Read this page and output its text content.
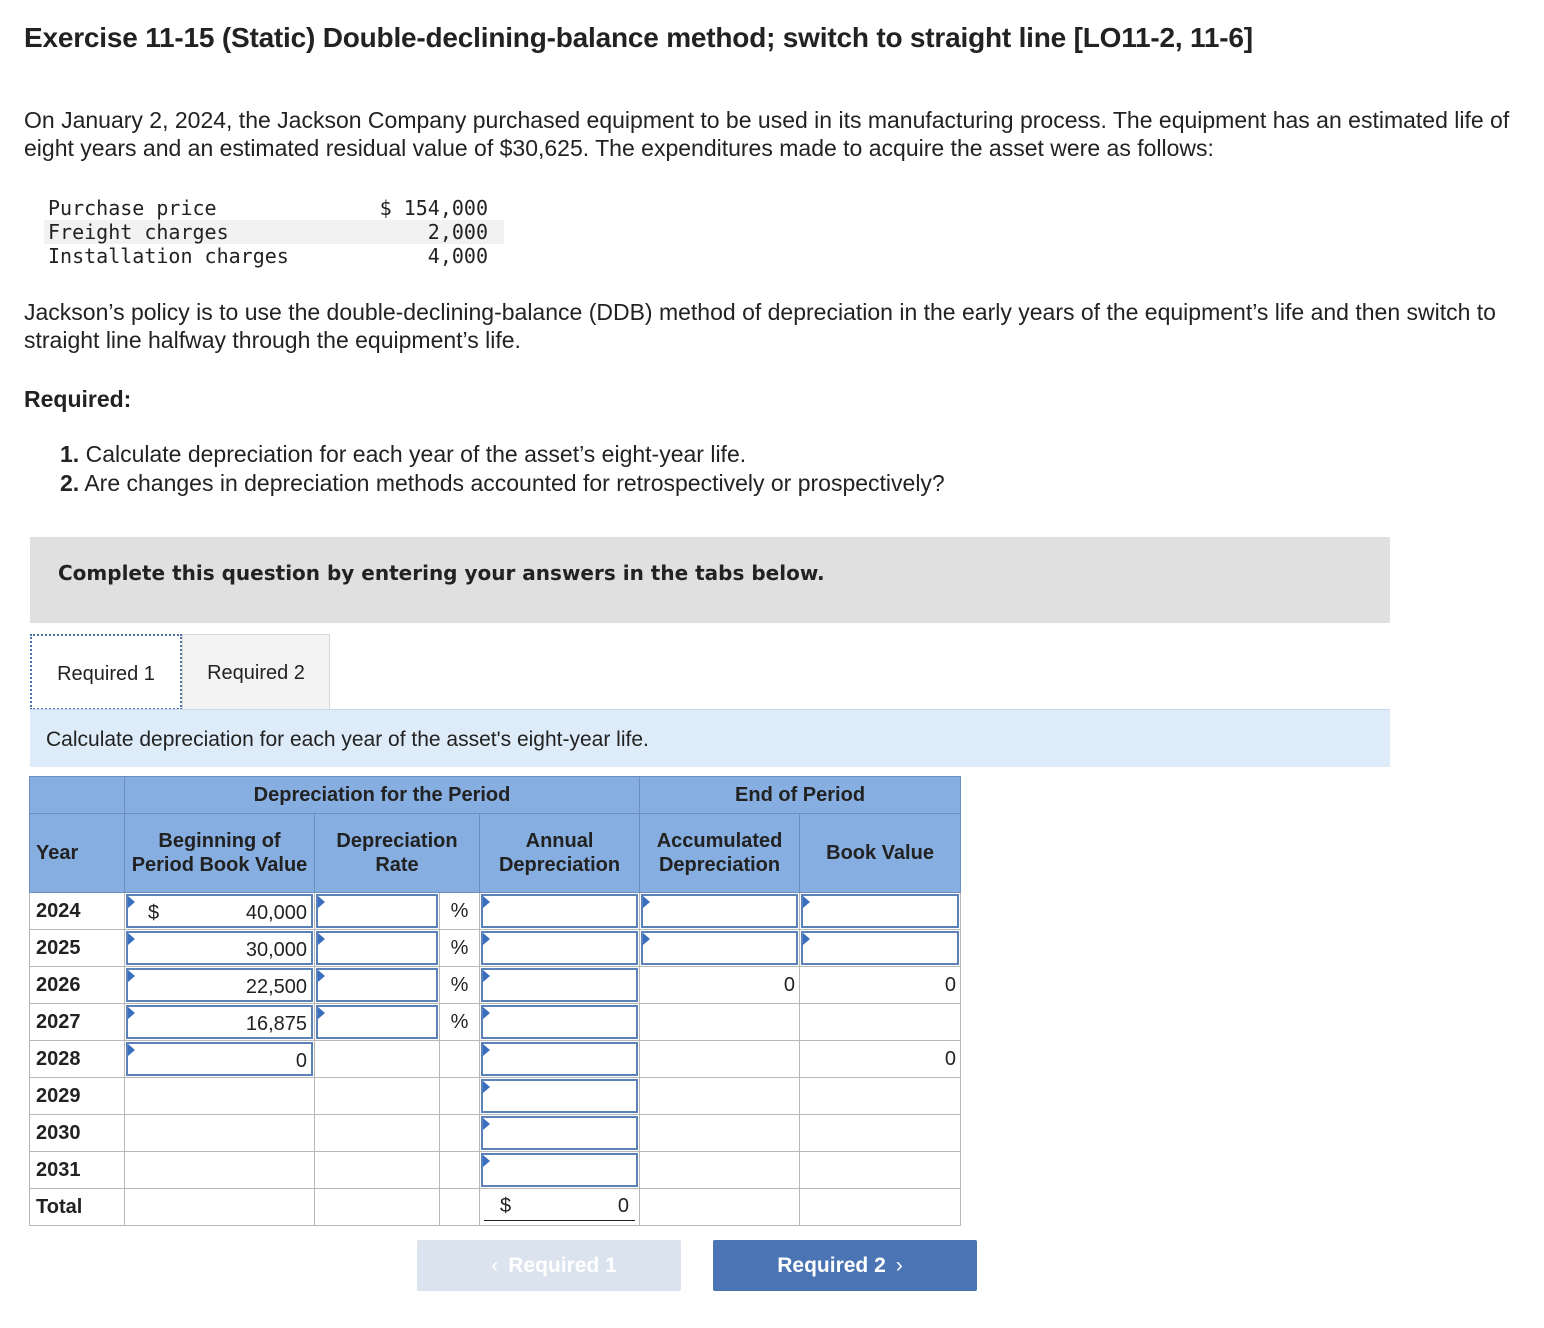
Exercise 11-15 (Static) Double-declining-balance method; switch to straight line [LO11-2, 11-6]
On January 2, 2024, the Jackson Company purchased equipment to be used in its manufacturing process. The equipment has an estimated life of eight years and an estimated residual value of $30,625. The expenditures made to acquire the asset were as follows:
Purchase price	$ 154,000
Freight charges	2,000
Installation charges	4,000
Jackson’s policy is to use the double-declining-balance (DDB) method of depreciation in the early years of the equipment’s life and then switch to straight line halfway through the equipment’s life.
Required:
1. Calculate depreciation for each year of the asset’s eight-year life.
2. Are changes in depreciation methods accounted for retrospectively or prospectively?
Complete this question by entering your answers in the tabs below.
Required 1	Required 2
Calculate depreciation for each year of the asset's eight-year life.
	Depreciation for the Period				End of Period	
Year	Beginning of Period Book Value	Depreciation Rate		Annual Depreciation	Accumulated Depreciation	Book Value
2024	$ 40,000		%	

2025	30,000		%	

2026	22,500		%		0	0
2027	16,875		%	

2028	0					0
2029				

2030				

2031				

Total				$ 0		

‹ Required 1	Required 2 ›
